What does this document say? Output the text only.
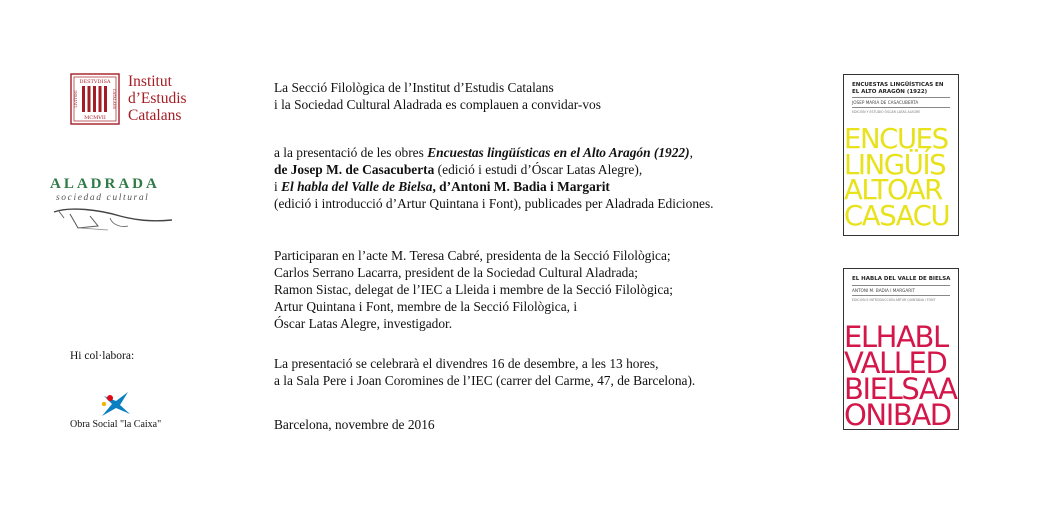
DESTVDISA
MCMVII
LIVITSNI	CATALANS
Institut
d’Estudis
Catalans
ALADRADA
sociedad cultural
Hi col·labora:
Obra Social "la Caixa"
La Secció Filològica de l’Institut d’Estudis Catalans
i la Sociedad Cultural Aladrada es complauen a convidar-vos
a la presentació de les obres Encuestas lingüísticas en el Alto Aragón (1922),
de Josep M. de Casacuberta (edició i estudi d’Óscar Latas Alegre),
i El habla del Valle de Bielsa, d’Antoni M. Badia i Margarit
(edició i introducció d’Artur Quintana i Font), publicades per Aladrada Ediciones.
Participaran en l’acte M. Teresa Cabré, presidenta de la Secció Filològica;
Carlos Serrano Lacarra, president de la Sociedad Cultural Aladrada;
Ramon Sistac, delegat de l’IEC a Lleida i membre de la Secció Filològica;
Artur Quintana i Font, membre de la Secció Filològica, i
Óscar Latas Alegre, investigador.
La presentació se celebrarà el divendres 16 de desembre, a les 13 hores,
a la Sala Pere i Joan Coromines de l’IEC (carrer del Carme, 47, de Barcelona).
Barcelona, novembre de 2016
ENCUESTAS LINGÜÍSTICAS EN EL ALTO ARAGÓN (1922)
JOSEP MARIA DE CASACUBERTA
EDICIÓN Y ESTUDIO ÓSCAR LATAS ALEGRE
ENCUES
LINGÜÍS
ALTOAR
CASACU
EL HABLA DEL VALLE DE BIELSA
ANTONI M. BADIA I MARGARIT
EDICIÓN E INTRODUCCIÓN ARTUR QUINTANA I FONT
ELHABL
VALLED
BIELSAA
ONIBAD
